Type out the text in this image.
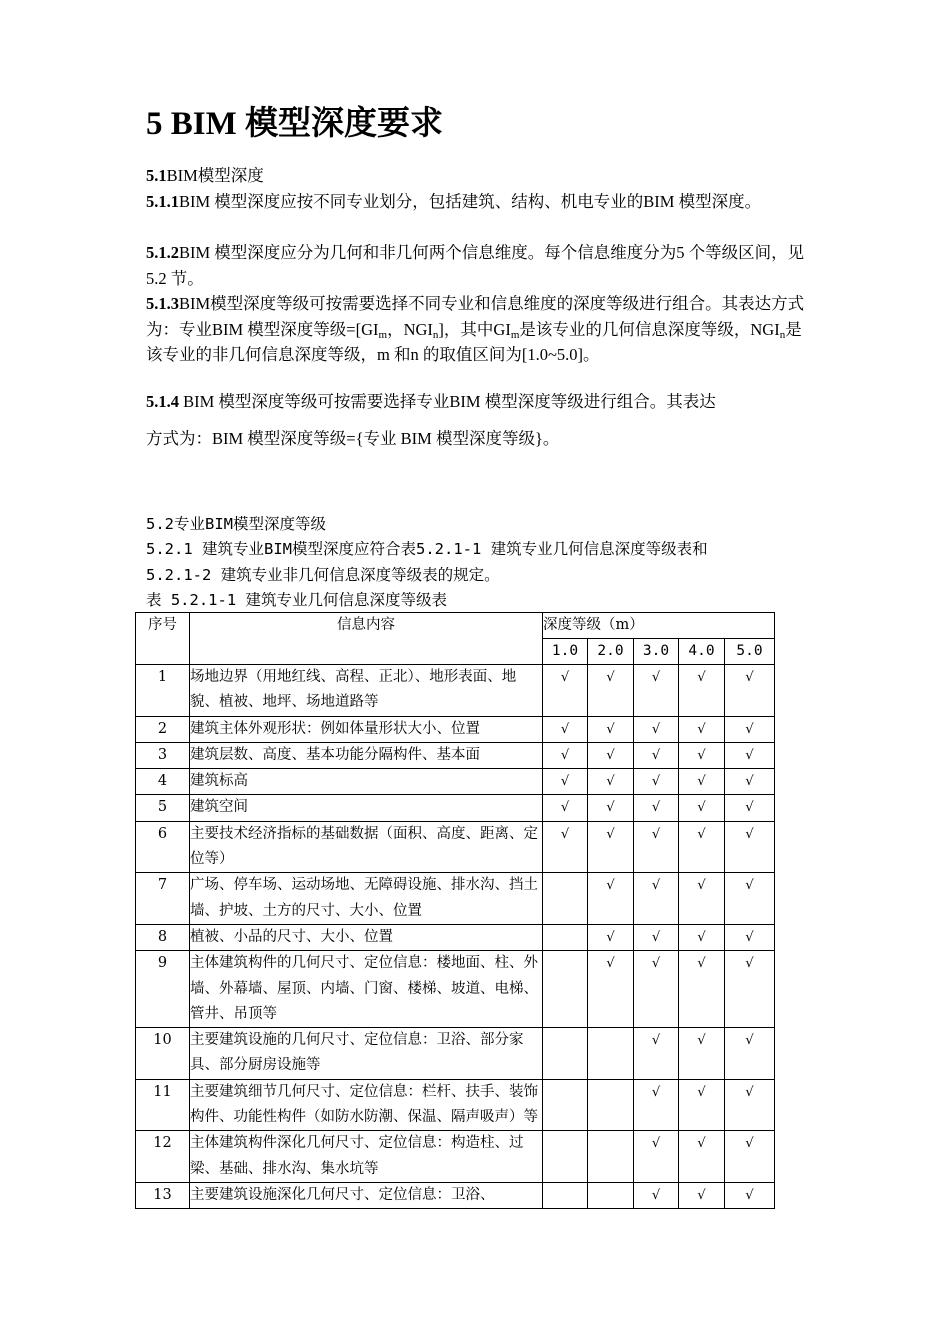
5 BIM 模型深度要求

5.1BIM模型深度

5.1.1BIM 模型深度应按不同专业划分，包括建筑、结构、机电专业的BIM 模型深度。

5.1.2BIM 模型深度应分为几何和非几何两个信息维度。每个信息维度分为5 个等级区间，见5.2 节。

5.1.3BIM模型深度等级可按需要选择不同专业和信息维度的深度等级进行组合。其表达方式为：专业BIM 模型深度等级$=[GI_m$，$NGI_n$]，其中$GI_m$是该专业的几何信息深度等级，$NGI_n$是该专业的非几何信息深度等级，m 和n 的取值区间为[1.0~5.0]。

5.1.4 BIM 模型深度等级可按需要选择专业BIM 模型深度等级进行组合。其表达

方式为：BIM 模型深度等级={专业 BIM 模型深度等级}。

5.2专业BIM模型深度等级

5.2.1 建筑专业BIM模型深度应符合表5.2.1-1 建筑专业几何信息深度等级表和

5.2.1-2 建筑专业非几何信息深度等级表的规定。

表 5.2.1-1 建筑专业几何信息深度等级表

序号	信息内容	深度等级（m）				
		1.0	2.0	3.0	4.0	5.0
1	场地边界（用地红线、高程、正北）、地形表面、地貌、植被、地坪、场地道路等	√	√	√	√	√
2	建筑主体外观形状：例如体量形状大小、位置	√	√	√	√	√
3	建筑层数、高度、基本功能分隔构件、基本面	√	√	√	√	√
4	建筑标高	√	√	√	√	√
5	建筑空间	√	√	√	√	√
6	主要技术经济指标的基础数据（面积、高度、距离、定位等）	√	√	√	√	√
7	广场、停车场、运动场地、无障碍设施、排水沟、挡土墙、护坡、土方的尺寸、大小、位置		√	√	√	√
8	植被、小品的尺寸、大小、位置		√	√	√	√
9	主体建筑构件的几何尺寸、定位信息：楼地面、柱、外墙、外幕墙、屋顶、内墙、门窗、楼梯、坡道、电梯、管井、吊顶等		√	√	√	√
10	主要建筑设施的几何尺寸、定位信息：卫浴、部分家具、部分厨房设施等			√	√	√
11	主要建筑细节几何尺寸、定位信息：栏杆、扶手、装饰构件、功能性构件（如防水防潮、保温、隔声吸声）等			√	√	√
12	主体建筑构件深化几何尺寸、定位信息：构造柱、过梁、基础、排水沟、集水坑等			√	√	√
13	主要建筑设施深化几何尺寸、定位信息：卫浴、			√	√	√
